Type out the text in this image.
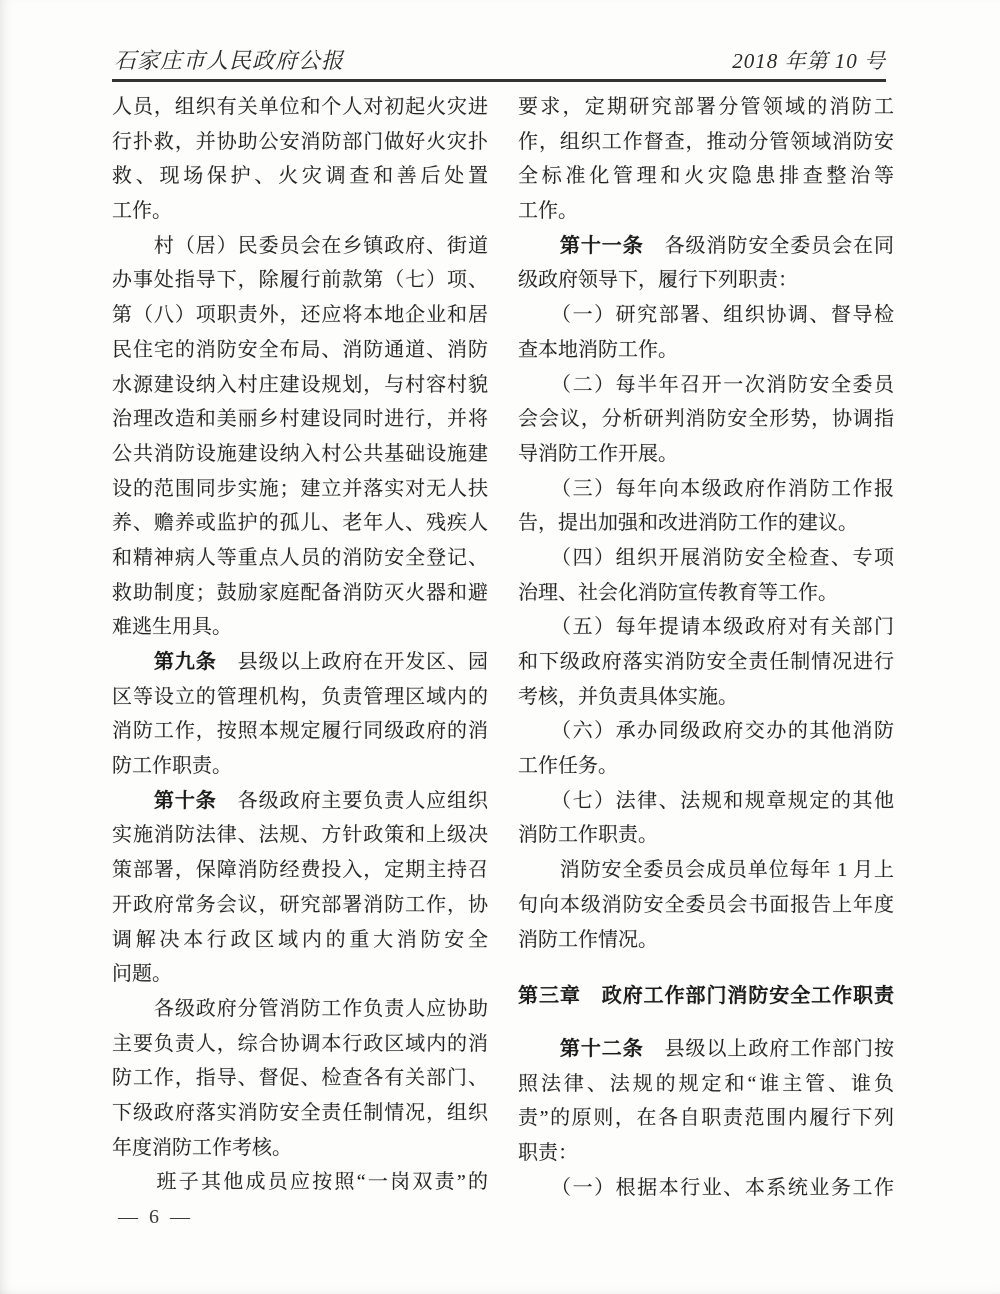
石家庄市人民政府公报	2018 年第 10 号
人员，组织有关单位和个人对初起火灾进
行扑救，并协助公安消防部门做好火灾扑
救、现场保护、火灾调查和善后处置
工作。
　　村（居）民委员会在乡镇政府、街道
办事处指导下，除履行前款第（七）项、
第（八）项职责外，还应将本地企业和居
民住宅的消防安全布局、消防通道、消防
水源建设纳入村庄建设规划，与村容村貌
治理改造和美丽乡村建设同时进行，并将
公共消防设施建设纳入村公共基础设施建
设的范围同步实施；建立并落实对无人扶
养、赡养或监护的孤儿、老年人、残疾人
和精神病人等重点人员的消防安全登记、
救助制度；鼓励家庭配备消防灭火器和避
难逃生用具。
　　第九条　县级以上政府在开发区、园
区等设立的管理机构，负责管理区域内的
消防工作，按照本规定履行同级政府的消
防工作职责。
　　第十条　各级政府主要负责人应组织
实施消防法律、法规、方针政策和上级决
策部署，保障消防经费投入，定期主持召
开政府常务会议，研究部署消防工作，协
调解决本行政区域内的重大消防安全
问题。
　　各级政府分管消防工作负责人应协助
主要负责人，综合协调本行政区域内的消
防工作，指导、督促、检查各有关部门、
下级政府落实消防安全责任制情况，组织
年度消防工作考核。
　　班子其他成员应按照“一岗双责”的
要求，定期研究部署分管领域的消防工
作，组织工作督查，推动分管领域消防安
全标准化管理和火灾隐患排查整治等
工作。
　　第十一条　各级消防安全委员会在同
级政府领导下，履行下列职责：
　　（一）研究部署、组织协调、督导检
查本地消防工作。
　　（二）每半年召开一次消防安全委员
会会议，分析研判消防安全形势，协调指
导消防工作开展。
　　（三）每年向本级政府作消防工作报
告，提出加强和改进消防工作的建议。
　　（四）组织开展消防安全检查、专项
治理、社会化消防宣传教育等工作。
　　（五）每年提请本级政府对有关部门
和下级政府落实消防安全责任制情况进行
考核，并负责具体实施。
　　（六）承办同级政府交办的其他消防
工作任务。
　　（七）法律、法规和规章规定的其他
消防工作职责。
　　消防安全委员会成员单位每年 1 月上
旬向本级消防安全委员会书面报告上年度
消防工作情况。
第三章　政府工作部门消防安全工作职责
　　第十二条　县级以上政府工作部门按
照法律、法规的规定和“谁主管、谁负
责”的原则，在各自职责范围内履行下列
职责：
　　（一）根据本行业、本系统业务工作
— 6 —
